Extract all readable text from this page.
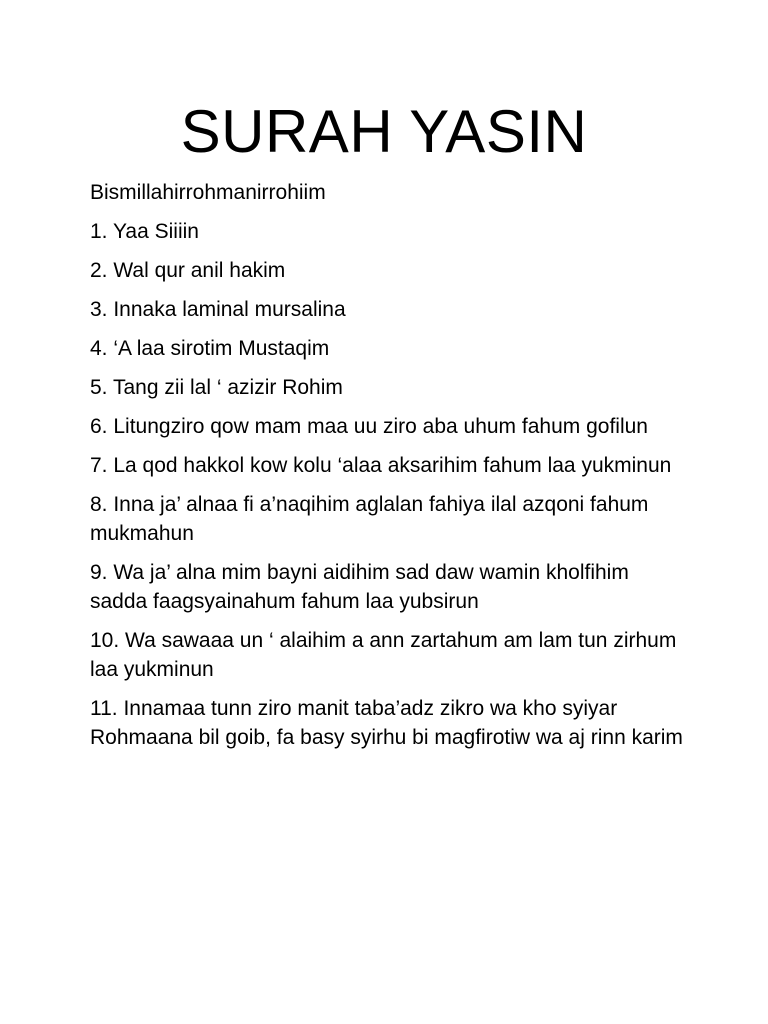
SURAH YASIN

Bismillahirrohmanirrohiim

1. Yaa Siiiin

2. Wal qur anil hakim

3. Innaka laminal mursalina

4. ‘A laa sirotim Mustaqim

5. Tang zii lal ‘ azizir Rohim

6. Litungziro qow mam maa uu ziro aba uhum fahum gofilun

7. La qod hakkol kow kolu ‘alaa aksarihim fahum laa yukminun

8. Inna ja’ alnaa fi a’naqihim aglalan fahiya ilal azqoni fahum mukmahun

9. Wa ja’ alna mim bayni aidihim sad daw wamin kholfihim sadda faagsyainahum fahum laa yubsirun

10. Wa sawaaa un ‘ alaihim a ann zartahum am lam tun zirhum laa yukminun

11. Innamaa tunn ziro manit taba’adz zikro wa kho syiyar Rohmaana bil goib, fa basy syirhu bi magfirotiw wa aj rinn karim
